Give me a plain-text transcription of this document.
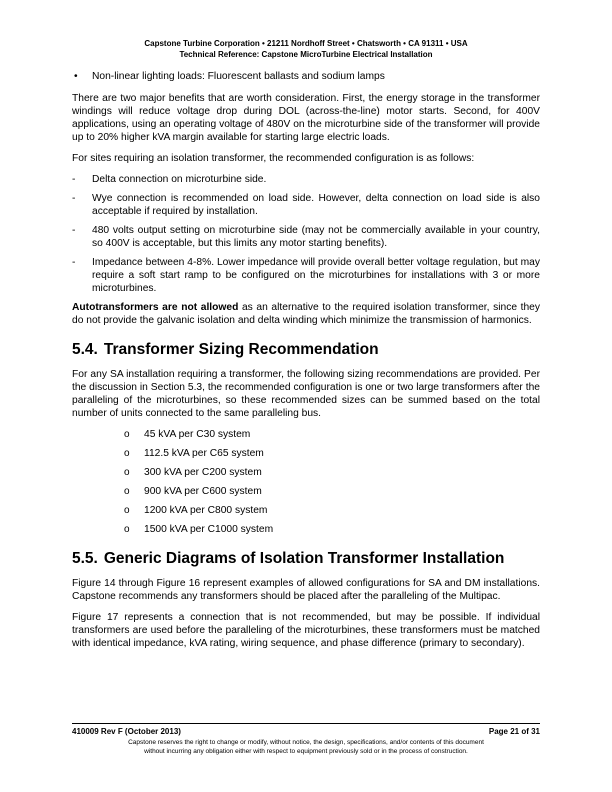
Capstone Turbine Corporation • 21211 Nordhoff Street • Chatsworth • CA 91311 • USA
Technical Reference: Capstone MicroTurbine Electrical Installation
• Non-linear lighting loads: Fluorescent ballasts and sodium lamps

There are two major benefits that are worth consideration. First, the energy storage in the transformer windings will reduce voltage drop during DOL (across-the-line) motor starts. Second, for 400V applications, using an operating voltage of 480V on the microturbine side of the transformer will provide up to 20% higher kVA margin available for starting large electric loads.

For sites requiring an isolation transformer, the recommended configuration is as follows:

- Delta connection on microturbine side.
- Wye connection is recommended on load side. However, delta connection on load side is also acceptable if required by installation.
- 480 volts output setting on microturbine side (may not be commercially available in your country, so 400V is acceptable, but this limits any motor starting benefits).
- Impedance between 4-8%. Lower impedance will provide overall better voltage regulation, but may require a soft start ramp to be configured on the microturbines for installations with 3 or more microturbines.

Autotransformers are not allowed as an alternative to the required isolation transformer, since they do not provide the galvanic isolation and delta winding which minimize the transmission of harmonics.

5.4. Transformer Sizing Recommendation

For any SA installation requiring a transformer, the following sizing recommendations are provided. Per the discussion in Section 5.3, the recommended configuration is one or two large transformers after the paralleling of the microturbines, so these recommended sizes can be summed based on the total number of units connected to the same paralleling bus.

o 45 kVA per C30 system
o 112.5 kVA per C65 system
o 300 kVA per C200 system
o 900 kVA per C600 system
o 1200 kVA per C800 system
o 1500 kVA per C1000 system
5.5. Generic Diagrams of Isolation Transformer Installation

Figure 14 through Figure 16 represent examples of allowed configurations for SA and DM installations. Capstone recommends any transformers should be placed after the paralleling of the Multipac.

Figure 17 represents a connection that is not recommended, but may be possible. If individual transformers are used before the paralleling of the microturbines, these transformers must be matched with identical impedance, kVA rating, wiring sequence, and phase difference (primary to secondary).

410009 Rev F (October 2013)	Page 21 of 31
Capstone reserves the right to change or modify, without notice, the design, specifications, and/or contents of this document
without incurring any obligation either with respect to equipment previously sold or in the process of construction.
